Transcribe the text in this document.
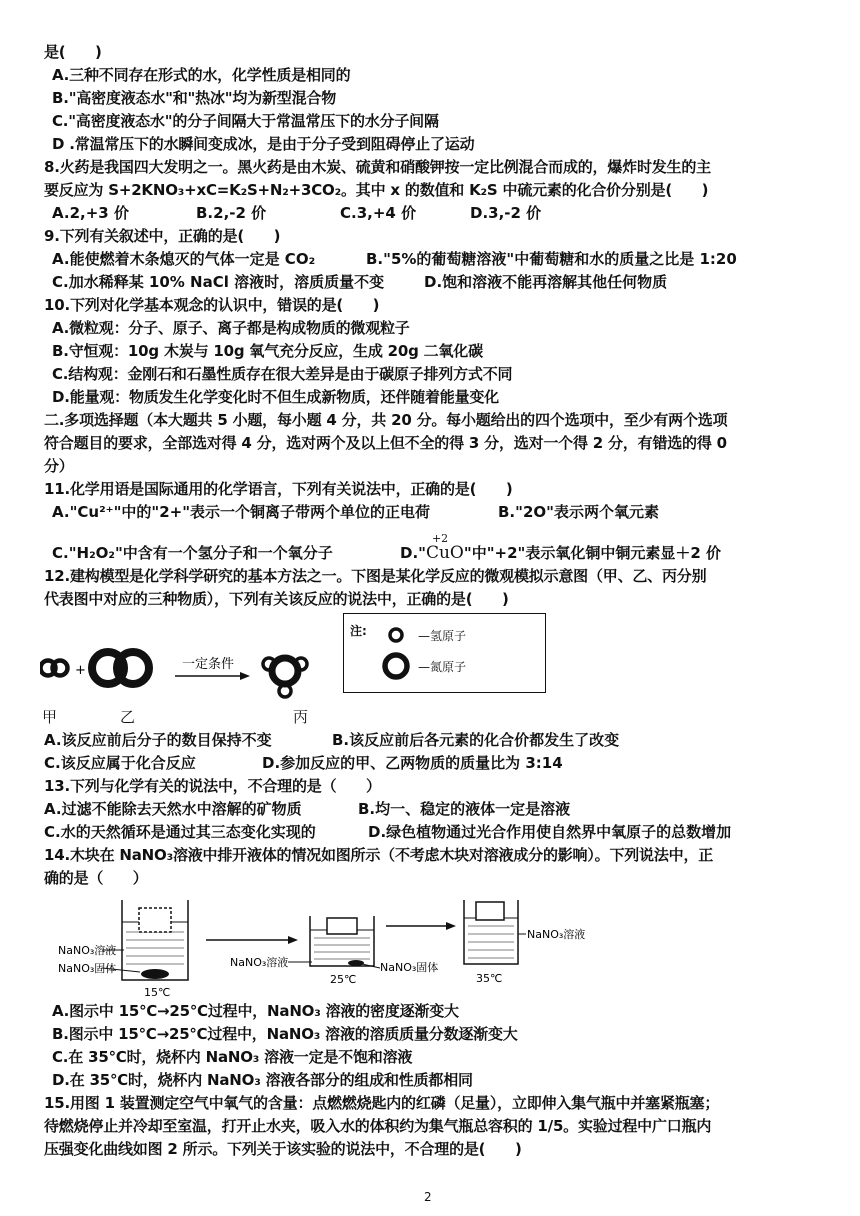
是(　　)
A.三种不同存在形式的水，化学性质是相同的
B."高密度液态水"和"热冰"均为新型混合物
C."高密度液态水"的分子间隔大于常温常压下的水分子间隔
D .常温常压下的水瞬间变成冰，是由于分子受到阻碍停止了运动
8.火药是我国四大发明之一。黑火药是由木炭、硫黄和硝酸钾按一定比例混合而成的，爆炸时发生的主
要反应为 S+2KNO₃+xC=K₂S+N₂+3CO₂。其中 x 的数值和 K₂S 中硫元素的化合价分别是(　　)
A.2,+3 价	B.2,-2 价	C.3,+4 价	D.3,-2 价
9.下列有关叙述中，正确的是(　　)
A.能使燃着木条熄灭的气体一定是 CO₂	B."5%的葡萄糖溶液"中葡萄糖和水的质量之比是 1:20
C.加水稀释某 10% NaCl 溶液时，溶质质量不变	D.饱和溶液不能再溶解其他任何物质
10.下列对化学基本观念的认识中，错误的是(　　)
A.微粒观：分子、原子、离子都是构成物质的微观粒子
B.守恒观：10g 木炭与 10g 氧气充分反应，生成 20g 二氧化碳
C.结构观：金刚石和石墨性质存在很大差异是由于碳原子排列方式不同
D.能量观：物质发生化学变化时不但生成新物质，还伴随着能量变化
二.多项选择题（本大题共 5 小题，每小题 4 分，共 20 分。每小题给出的四个选项中，至少有两个选项
符合题目的要求，全部选对得 4 分，选对两个及以上但不全的得 3 分，选对一个得 2 分，有错选的得 0
分）
11.化学用语是国际通用的化学语言，下列有关说法中，正确的是(　　)
A."Cu²⁺"中的"2+"表示一个铜离子带两个单位的正电荷	B."2O"表示两个氧元素
C."H₂O₂"中含有一个氢分子和一个氧分子	D."
+2
CuO"中"+2"表示氧化铜中铜元素显＋2 价
12.建构模型是化学科学研究的基本方法之一。下图是某化学反应的微观模拟示意图（甲、乙、丙分别
代表图中对应的三种物质），下列有关该反应的说法中，正确的是(　　)
+	一定条件
注:	—氢原子
—氮原子
甲	乙	丙
A.该反应前后分子的数目保持不变	B.该反应前后各元素的化合价都发生了改变
C.该反应属于化合反应	D.参加反应的甲、乙两物质的质量比为 3:14
13.下列与化学有关的说法中，不合理的是（　　）
A.过滤不能除去天然水中溶解的矿物质	B.均一、稳定的液体一定是溶液
C.水的天然循环是通过其三态变化实现的	D.绿色植物通过光合作用使自然界中氧原子的总数增加
14.木块在 NaNO₃溶液中排开液体的情况如图所示（不考虑木块对溶液成分的影响）。下列说法中，正
确的是（　　）
NaNO₃溶液
NaNO₃固体
15℃
NaNO₃溶液	NaNO₃固体
25℃
NaNO₃溶液
35℃
A.图示中 15℃→25℃过程中，NaNO₃ 溶液的密度逐渐变大
B.图示中 15℃→25℃过程中，NaNO₃ 溶液的溶质质量分数逐渐变大
C.在 35℃时，烧杯内 NaNO₃ 溶液一定是不饱和溶液
D.在 35℃时，烧杯内 NaNO₃ 溶液各部分的组成和性质都相同
15.用图 1 装置测定空气中氧气的含量：点燃燃烧匙内的红磷（足量），立即伸入集气瓶中并塞紧瓶塞；
待燃烧停止并冷却至室温，打开止水夹，吸入水的体积约为集气瓶总容积的 1/5。实验过程中广口瓶内
压强变化曲线如图 2 所示。下列关于该实验的说法中，不合理的是(　　)
2
